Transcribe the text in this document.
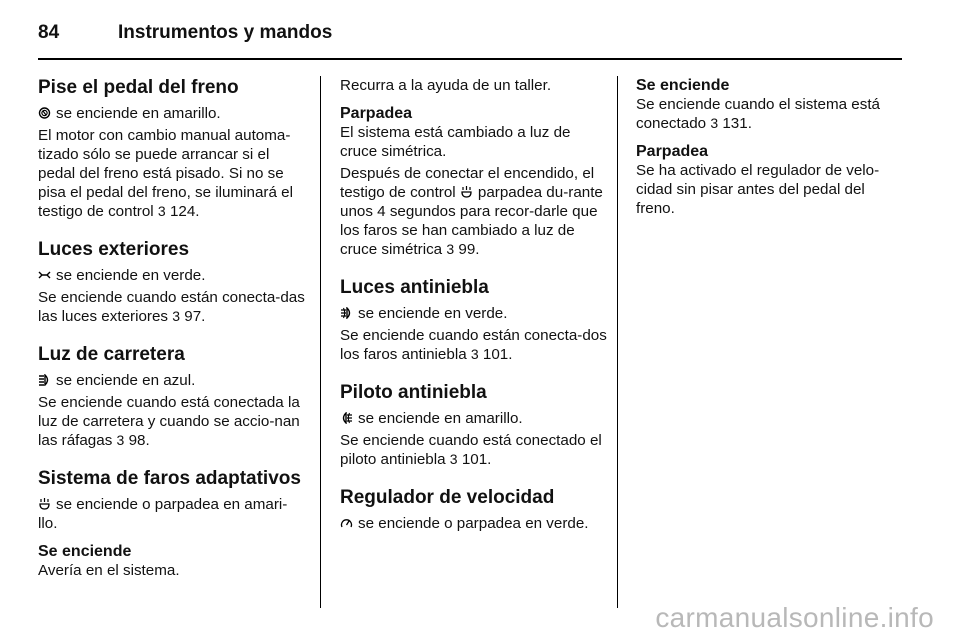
84	Instrumentos y mandos
Pise el pedal del freno

se enciende en amarillo.

El motor con cambio manual automa-tizado sólo se puede arrancar si el pedal del freno está pisado. Si no se pisa el pedal del freno, se iluminará el testigo de control 3 124.

Luces exteriores

se enciende en verde.

Se enciende cuando están conecta-das las luces exteriores 3 97.

Luz de carretera

se enciende en azul.

Se enciende cuando está conectada la luz de carretera y cuando se accio-nan las ráfagas 3 98.

Sistema de faros adaptativos

se enciende o parpadea en amari-llo.

Se enciende

Avería en el sistema.

Recurra a la ayuda de un taller.

Parpadea

El sistema está cambiado a luz de cruce simétrica.

Después de conectar el encendido, el testigo de control parpadea du-rante unos 4 segundos para recor-darle que los faros se han cambiado a luz de cruce simétrica 3 99.

Luces antiniebla

se enciende en verde.

Se enciende cuando están conecta-dos los faros antiniebla 3 101.

Piloto antiniebla

se enciende en amarillo.

Se enciende cuando está conectado el piloto antiniebla 3 101.

Regulador de velocidad

se enciende o parpadea en verde.

Se enciende

Se enciende cuando el sistema está conectado 3 131.

Parpadea

Se ha activado el regulador de velo-cidad sin pisar antes del pedal del freno.

carmanualsonline.info
